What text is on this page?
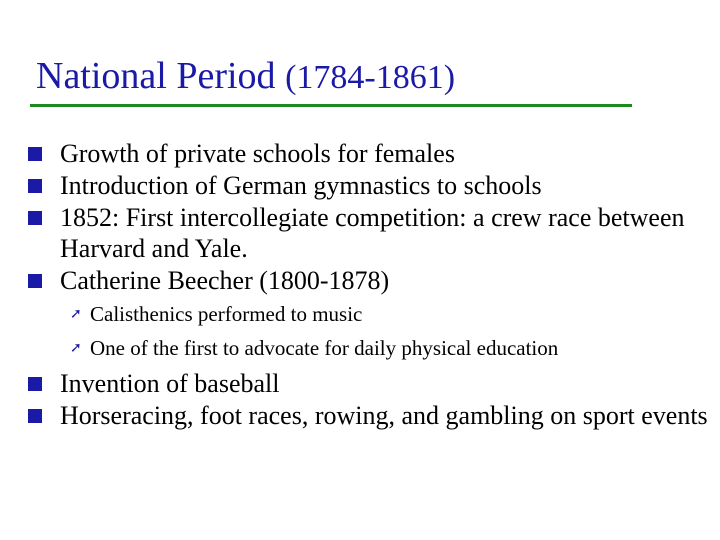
National Period (1784-1861)
Growth of private schools for females
Introduction of German gymnastics to schools
1852: First intercollegiate competition: a crew race between Harvard and Yale.
Catherine Beecher (1800-1878)
➚ Calisthenics performed to music
➚ One of the first to advocate for daily physical education
Invention of baseball
Horseracing, foot races, rowing, and gambling on sport events
